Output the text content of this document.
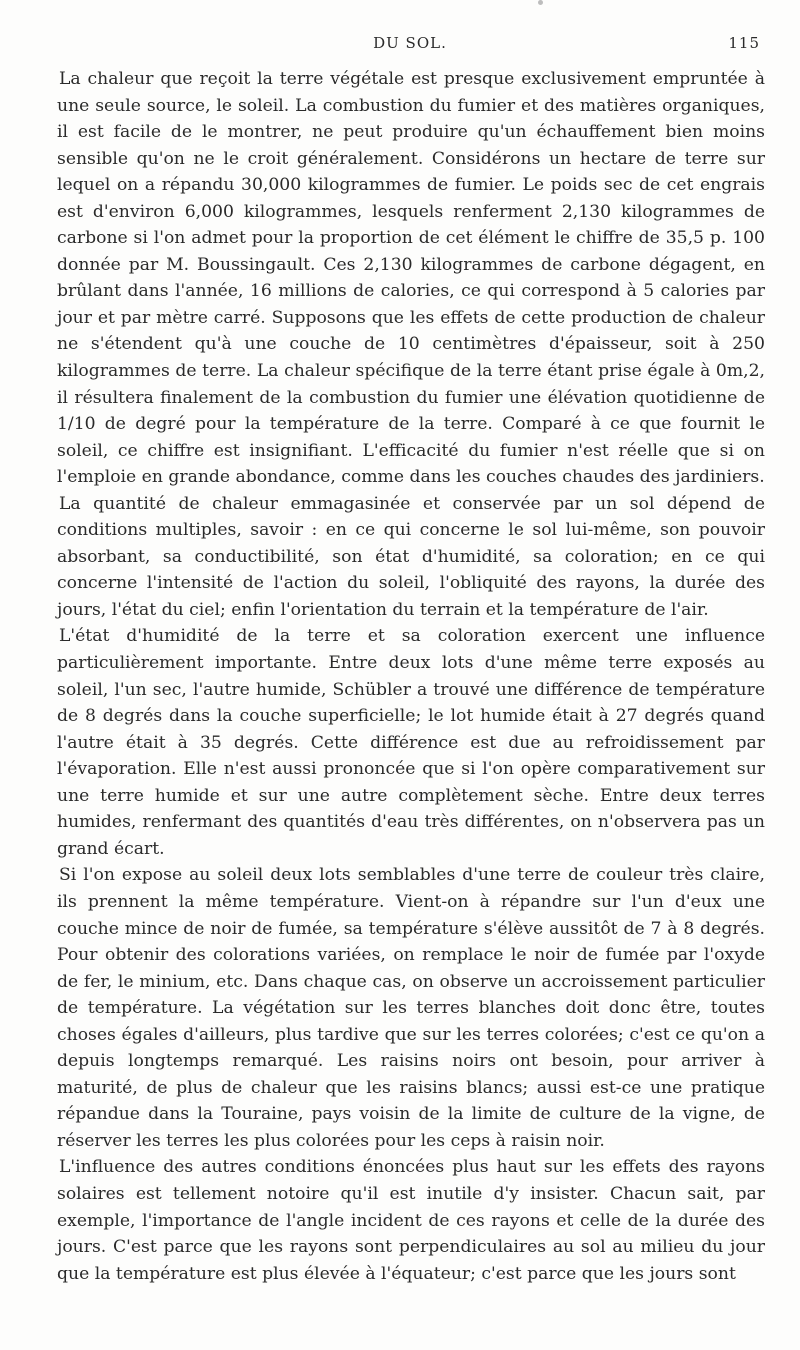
DU SOL.	115

La chaleur que reçoit la terre végétale est presque exclusivement empruntée à une seule source, le soleil. La combustion du fumier et des matières organiques, il est facile de le montrer, ne peut produire qu'un échauffement bien moins sensible qu'on ne le croit généralement. Considérons un hectare de terre sur lequel on a répandu 30,000 kilogrammes de fumier. Le poids sec de cet engrais est d'environ 6,000 kilogrammes, lesquels renferment 2,130 kilogrammes de carbone si l'on admet pour la proportion de cet élément le chiffre de 35,5 p. 100 donnée par M. Boussingault. Ces 2,130 kilogrammes de carbone dégagent, en brûlant dans l'année, 16 millions de calories, ce qui correspond à 5 calories par jour et par mètre carré. Supposons que les effets de cette production de chaleur ne s'étendent qu'à une couche de 10 centimètres d'épaisseur, soit à 250 kilogrammes de terre. La chaleur spécifique de la terre étant prise égale à 0m,2, il résultera finalement de la combustion du fumier une élévation quotidienne de 1/10 de degré pour la température de la terre. Comparé à ce que fournit le soleil, ce chiffre est insignifiant. L'efficacité du fumier n'est réelle que si on l'emploie en grande abondance, comme dans les couches chaudes des jardiniers.

La quantité de chaleur emmagasinée et conservée par un sol dépend de conditions multiples, savoir : en ce qui concerne le sol lui-même, son pouvoir absorbant, sa conductibilité, son état d'humidité, sa coloration; en ce qui concerne l'intensité de l'action du soleil, l'obliquité des rayons, la durée des jours, l'état du ciel; enfin l'orientation du terrain et la température de l'air.

L'état d'humidité de la terre et sa coloration exercent une influence particulièrement importante. Entre deux lots d'une même terre exposés au soleil, l'un sec, l'autre humide, Schübler a trouvé une différence de température de 8 degrés dans la couche superficielle; le lot humide était à 27 degrés quand l'autre était à 35 degrés. Cette différence est due au refroidissement par l'évaporation. Elle n'est aussi prononcée que si l'on opère comparativement sur une terre humide et sur une autre complètement sèche. Entre deux terres humides, renfermant des quantités d'eau très différentes, on n'observera pas un grand écart.

Si l'on expose au soleil deux lots semblables d'une terre de couleur très claire, ils prennent la même température. Vient-on à répandre sur l'un d'eux une couche mince de noir de fumée, sa température s'élève aussitôt de 7 à 8 degrés. Pour obtenir des colorations variées, on remplace le noir de fumée par l'oxyde de fer, le minium, etc. Dans chaque cas, on observe un accroissement particulier de température. La végétation sur les terres blanches doit donc être, toutes choses égales d'ailleurs, plus tardive que sur les terres colorées; c'est ce qu'on a depuis longtemps remarqué. Les raisins noirs ont besoin, pour arriver à maturité, de plus de chaleur que les raisins blancs; aussi est-ce une pratique répandue dans la Touraine, pays voisin de la limite de culture de la vigne, de réserver les terres les plus colorées pour les ceps à raisin noir.

L'influence des autres conditions énoncées plus haut sur les effets des rayons solaires est tellement notoire qu'il est inutile d'y insister. Chacun sait, par exemple, l'importance de l'angle incident de ces rayons et celle de la durée des jours. C'est parce que les rayons sont perpendiculaires au sol au milieu du jour que la température est plus élevée à l'équateur; c'est parce que les jours sont
